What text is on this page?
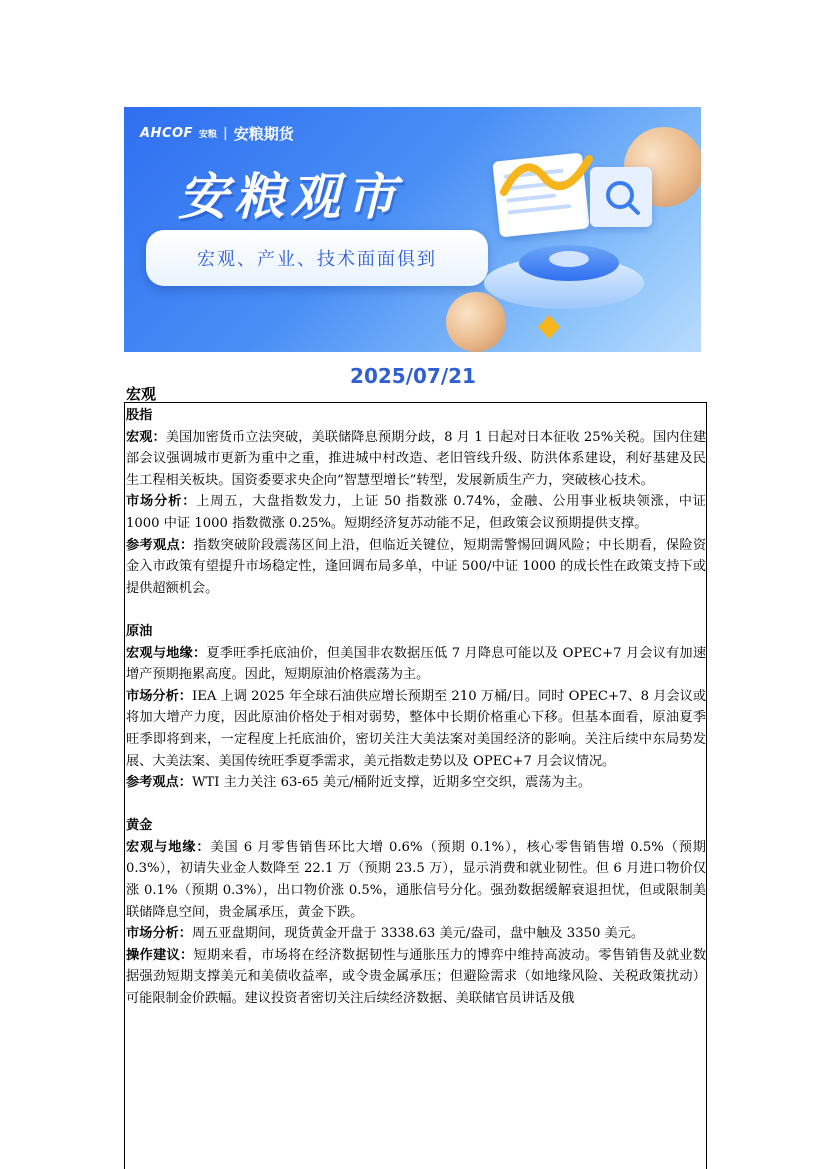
AHCOF 安粮 | 安粮期货
安粮观市
宏观、产业、技术面面俱到
2025/07/21
宏观
股指
宏观：美国加密货币立法突破，美联储降息预期分歧，8 月 1 日起对日本征收 25%关税。国内住建部会议强调城市更新为重中之重，推进城中村改造、老旧管线升级、防洪体系建设，利好基建及民生工程相关板块。国资委要求央企向“智慧型增长”转型，发展新质生产力，突破核心技术。
市场分析：上周五，大盘指数发力，上证 50 指数涨 0.74%，金融、公用事业板块领涨，中证 1000 中证 1000 指数微涨 0.25%。短期经济复苏动能不足，但政策会议预期提供支撑。
参考观点：指数突破阶段震荡区间上沿，但临近关键位，短期需警惕回调风险；中长期看，保险资金入市政策有望提升市场稳定性，逢回调布局多单，中证 500/中证 1000 的成长性在政策支持下或提供超额机会。
原油
宏观与地缘：夏季旺季托底油价，但美国非农数据压低 7 月降息可能以及 OPEC+7 月会议有加速增产预期拖累高度。因此，短期原油价格震荡为主。
市场分析：IEA 上调 2025 年全球石油供应增长预期至 210 万桶/日。同时 OPEC+7、8 月会议或将加大增产力度，因此原油价格处于相对弱势，整体中长期价格重心下移。但基本面看，原油夏季旺季即将到来，一定程度上托底油价，密切关注大美法案对美国经济的影响。关注后续中东局势发展、大美法案、美国传统旺季夏季需求，美元指数走势以及 OPEC+7 月会议情况。
参考观点：WTI 主力关注 63-65 美元/桶附近支撑，近期多空交织，震荡为主。
黄金
宏观与地缘：美国 6 月零售销售环比大增 0.6%（预期 0.1%），核心零售销售增 0.5%（预期 0.3%），初请失业金人数降至 22.1 万（预期 23.5 万），显示消费和就业韧性。但 6 月进口物价仅涨 0.1%（预期 0.3%），出口物价涨 0.5%，通胀信号分化。强劲数据缓解衰退担忧，但或限制美联储降息空间，贵金属承压，黄金下跌。
市场分析：周五亚盘期间，现货黄金开盘于 3338.63 美元/盎司，盘中触及 3350 美元。
操作建议：短期来看，市场将在经济数据韧性与通胀压力的博弈中维持高波动。零售销售及就业数据强劲短期支撑美元和美债收益率，或令贵金属承压；但避险需求（如地缘风险、关税政策扰动）可能限制金价跌幅。建议投资者密切关注后续经济数据、美联储官员讲话及俄
